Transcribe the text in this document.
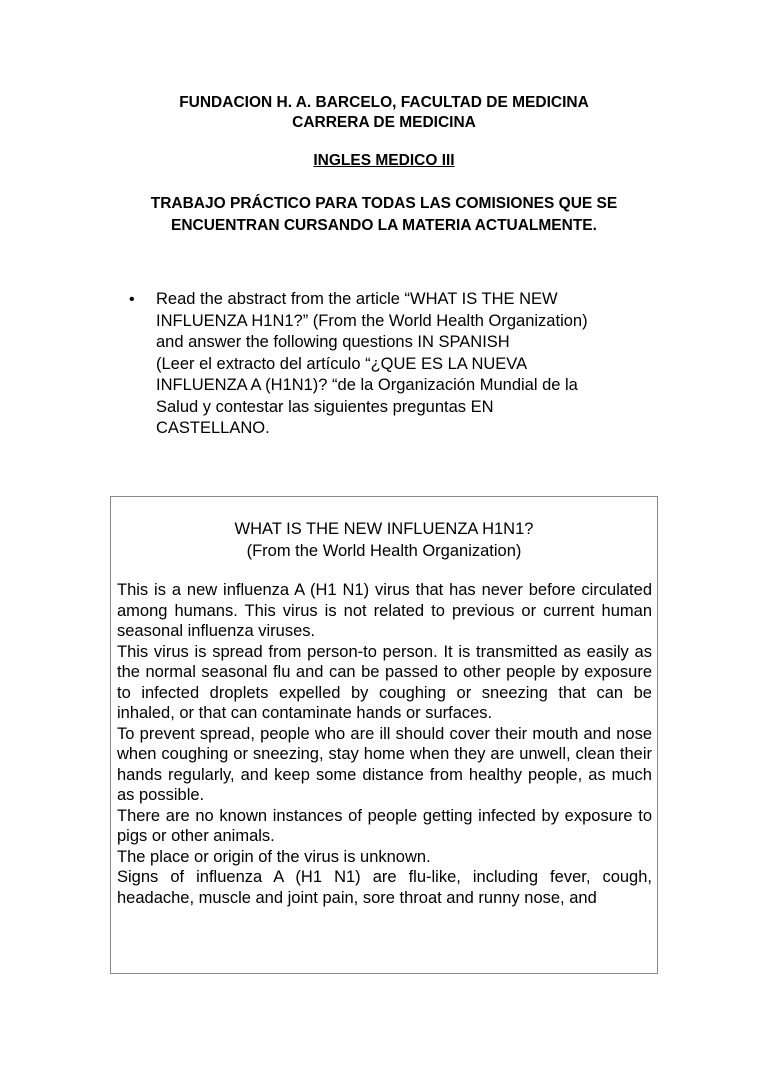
FUNDACION H. A. BARCELO, FACULTAD DE MEDICINA
CARRERA DE MEDICINA
INGLES MEDICO III
TRABAJO PRÁCTICO PARA TODAS LAS COMISIONES QUE SE
ENCUENTRAN CURSANDO LA MATERIA ACTUALMENTE.
• Read the abstract from the article “WHAT IS THE NEW
INFLUENZA H1N1?” (From the World Health Organization)
and answer the following questions IN SPANISH
(Leer el extracto del artículo “¿QUE ES LA NUEVA
INFLUENZA A (H1N1)? “de la Organización Mundial de la
Salud y contestar las siguientes preguntas EN
CASTELLANO.
WHAT IS THE NEW INFLUENZA H1N1?
(From the World Health Organization)

This is a new influenza A (H1 N1) virus that has never before circulated among humans. This virus is not related to previous or current human seasonal influenza viruses.

This virus is spread from person-to person. It is transmitted as easily as the normal seasonal flu and can be passed to other people by exposure to infected droplets expelled by coughing or sneezing that can be inhaled, or that can contaminate hands or surfaces.

To prevent spread, people who are ill should cover their mouth and nose when coughing or sneezing, stay home when they are unwell, clean their hands regularly, and keep some distance from healthy people, as much as possible.

There are no known instances of people getting infected by exposure to pigs or other animals.

The place or origin of the virus is unknown.

Signs of influenza A (H1 N1) are flu-like, including fever, cough, headache, muscle and joint pain, sore throat and runny nose, and
